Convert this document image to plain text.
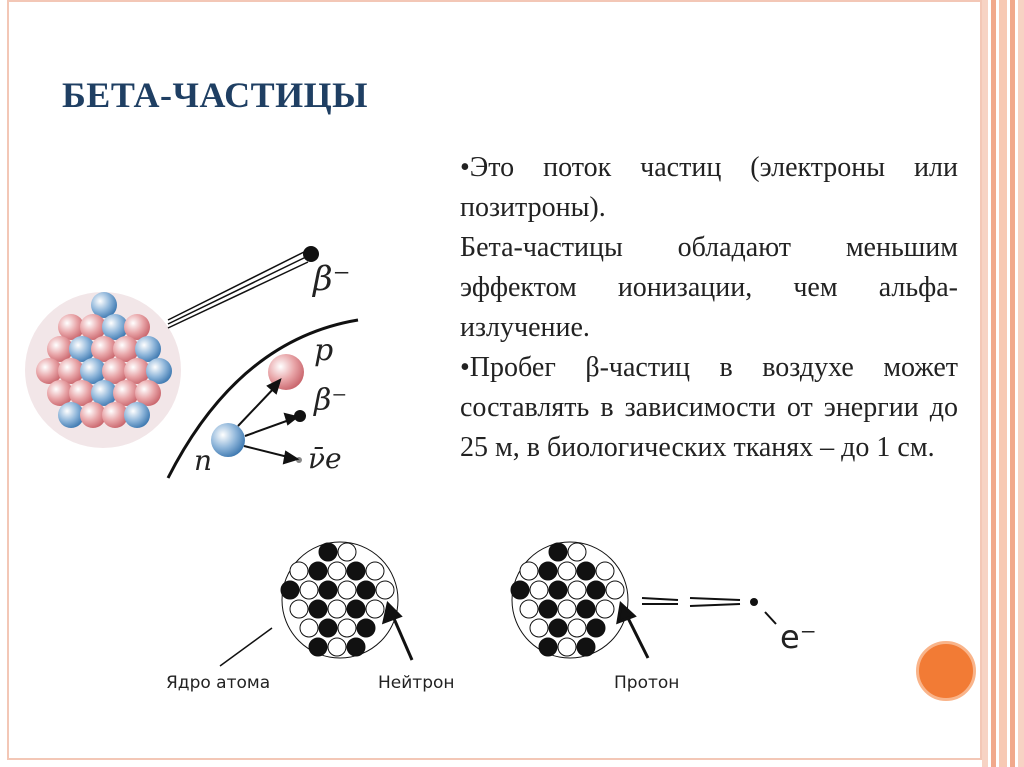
БЕТА-ЧАСТИЦЫ

•Это поток частиц (электроны или позитроны).

Бета-частицы обладают меньшим эффектом ионизации, чем альфа-излучение.

•Пробег β-частиц в воздухе может составлять в зависимости от энергии до 25 м, в биологических тканях – до 1 см.

β⁻
p
β⁻
ν̄e
n
e⁻
Ядро атома	Нейтрон	Протон
